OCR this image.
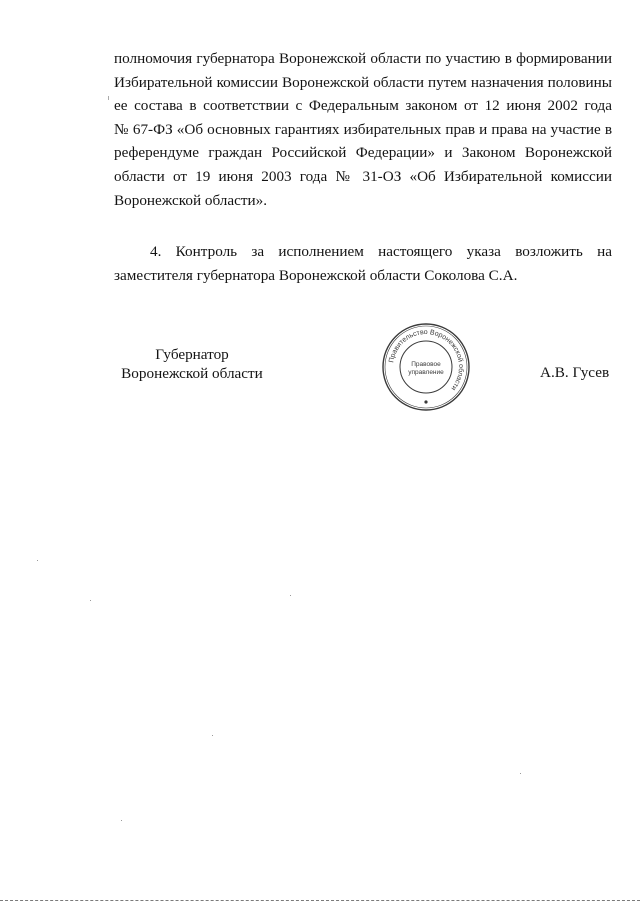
полномочия губернатора Воронежской области по участию в формировании
Избирательной комиссии Воронежской области путем назначения половины
ее состава в соответствии с Федеральным законом от 12 июня 2002 года
№ 67-ФЗ «Об основных гарантиях избирательных прав и права на участие в
референдуме граждан Российской Федерации» и Законом Воронежской
области от 19 июня 2003 года № 31-ОЗ «Об Избирательной комиссии
Воронежской области».
4. Контроль за исполнением настоящего указа возложить на
заместителя губернатора Воронежской области Соколова С.А.
Губернатор
Воронежской области
Правительство Воронежской области
Правовое
управление	А.В. Гусев
